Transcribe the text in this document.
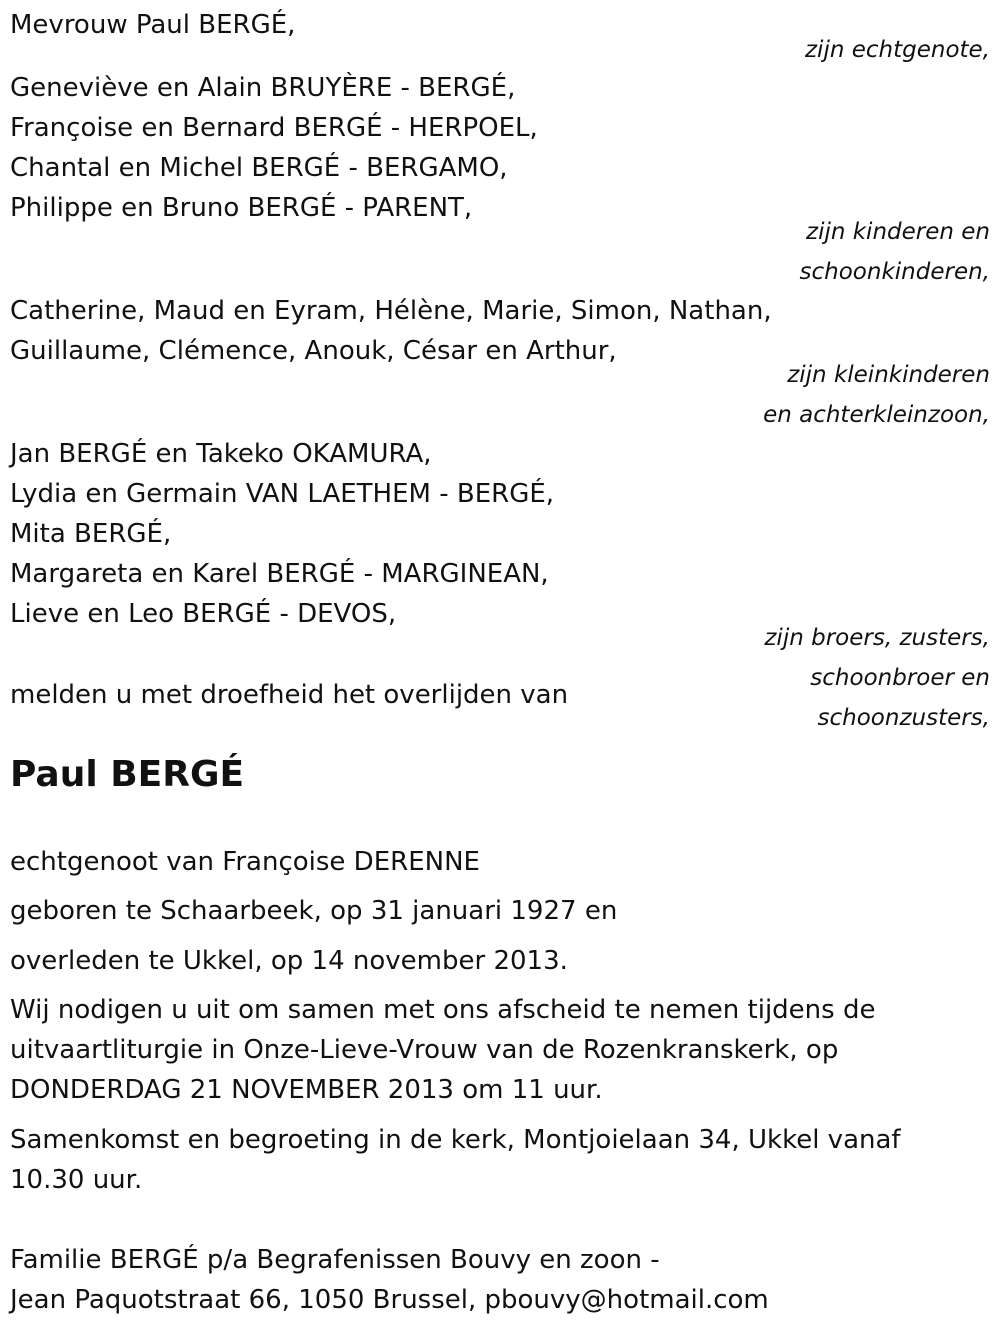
Mevrouw Paul BERGÉ,
zijn echtgenote,
Geneviève en Alain BRUYÈRE - BERGÉ,
Françoise en Bernard BERGÉ - HERPOEL,
Chantal en Michel BERGÉ - BERGAMO,
Philippe en Bruno BERGÉ - PARENT,
zijn kinderen en
schoonkinderen,
Catherine, Maud en Eyram, Hélène, Marie, Simon, Nathan,
Guillaume, Clémence, Anouk, César en Arthur,
zijn kleinkinderen
en achterkleinzoon,
Jan BERGÉ en Takeko OKAMURA,
Lydia en Germain VAN LAETHEM - BERGÉ,
Mita BERGÉ,
Margareta en Karel BERGÉ - MARGINEAN,
Lieve en Leo BERGÉ - DEVOS,
zijn broers, zusters,
schoonbroer en
schoonzusters,
melden u met droefheid het overlijden van
Paul BERGÉ
echtgenoot van Françoise DERENNE
geboren te Schaarbeek, op 31 januari 1927 en
overleden te Ukkel, op 14 november 2013.
Wij nodigen u uit om samen met ons afscheid te nemen tijdens de
uitvaartliturgie in Onze-Lieve-Vrouw van de Rozenkranskerk, op
DONDERDAG 21 NOVEMBER 2013 om 11 uur.
Samenkomst en begroeting in de kerk, Montjoielaan 34, Ukkel vanaf
10.30 uur.
Familie BERGÉ p/a Begrafenissen Bouvy en zoon -
Jean Paquotstraat 66, 1050 Brussel, pbouvy@hotmail.com
